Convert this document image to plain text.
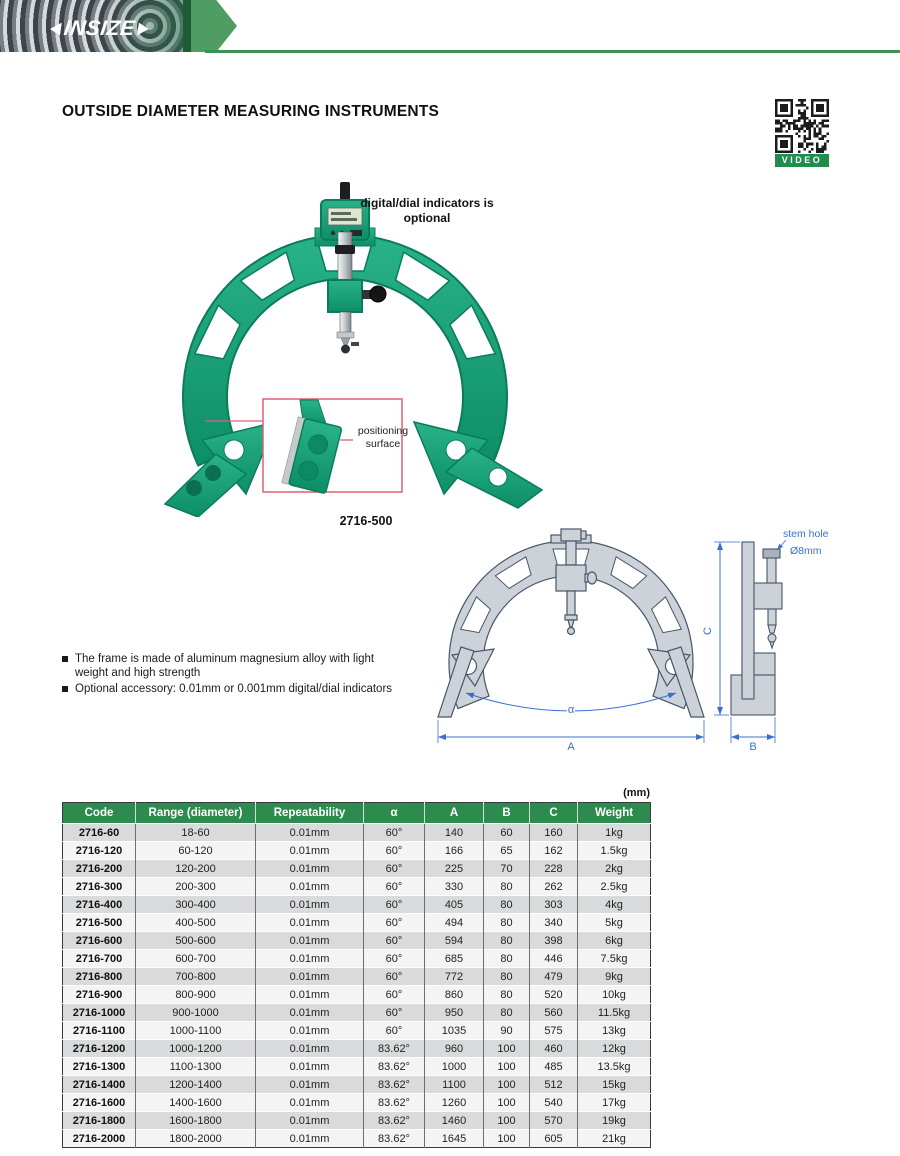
INSIZE
OUTSIDE DIAMETER MEASURING INSTRUMENTS
VIDEO
digital/dial indicators is optional
positioning surface
2716-500
α
A
C
B
stem hole
Ø8mm
The frame is made of aluminum magnesium alloy with light weight and high strength
Optional accessory: 0.01mm or 0.001mm digital/dial indicators
(mm)
Code	Range (diameter)	Repeatability	α	A	B	C	Weight
2716-60	18-60	0.01mm	60°	140	60	160	1kg
2716-120	60-120	0.01mm	60°	166	65	162	1.5kg
2716-200	120-200	0.01mm	60°	225	70	228	2kg
2716-300	200-300	0.01mm	60°	330	80	262	2.5kg
2716-400	300-400	0.01mm	60°	405	80	303	4kg
2716-500	400-500	0.01mm	60°	494	80	340	5kg
2716-600	500-600	0.01mm	60°	594	80	398	6kg
2716-700	600-700	0.01mm	60°	685	80	446	7.5kg
2716-800	700-800	0.01mm	60°	772	80	479	9kg
2716-900	800-900	0.01mm	60°	860	80	520	10kg
2716-1000	900-1000	0.01mm	60°	950	80	560	11.5kg
2716-1100	1000-1100	0.01mm	60°	1035	90	575	13kg
2716-1200	1000-1200	0.01mm	83.62°	960	100	460	12kg
2716-1300	1100-1300	0.01mm	83.62°	1000	100	485	13.5kg
2716-1400	1200-1400	0.01mm	83.62°	1100	100	512	15kg
2716-1600	1400-1600	0.01mm	83.62°	1260	100	540	17kg
2716-1800	1600-1800	0.01mm	83.62°	1460	100	570	19kg
2716-2000	1800-2000	0.01mm	83.62°	1645	100	605	21kg
